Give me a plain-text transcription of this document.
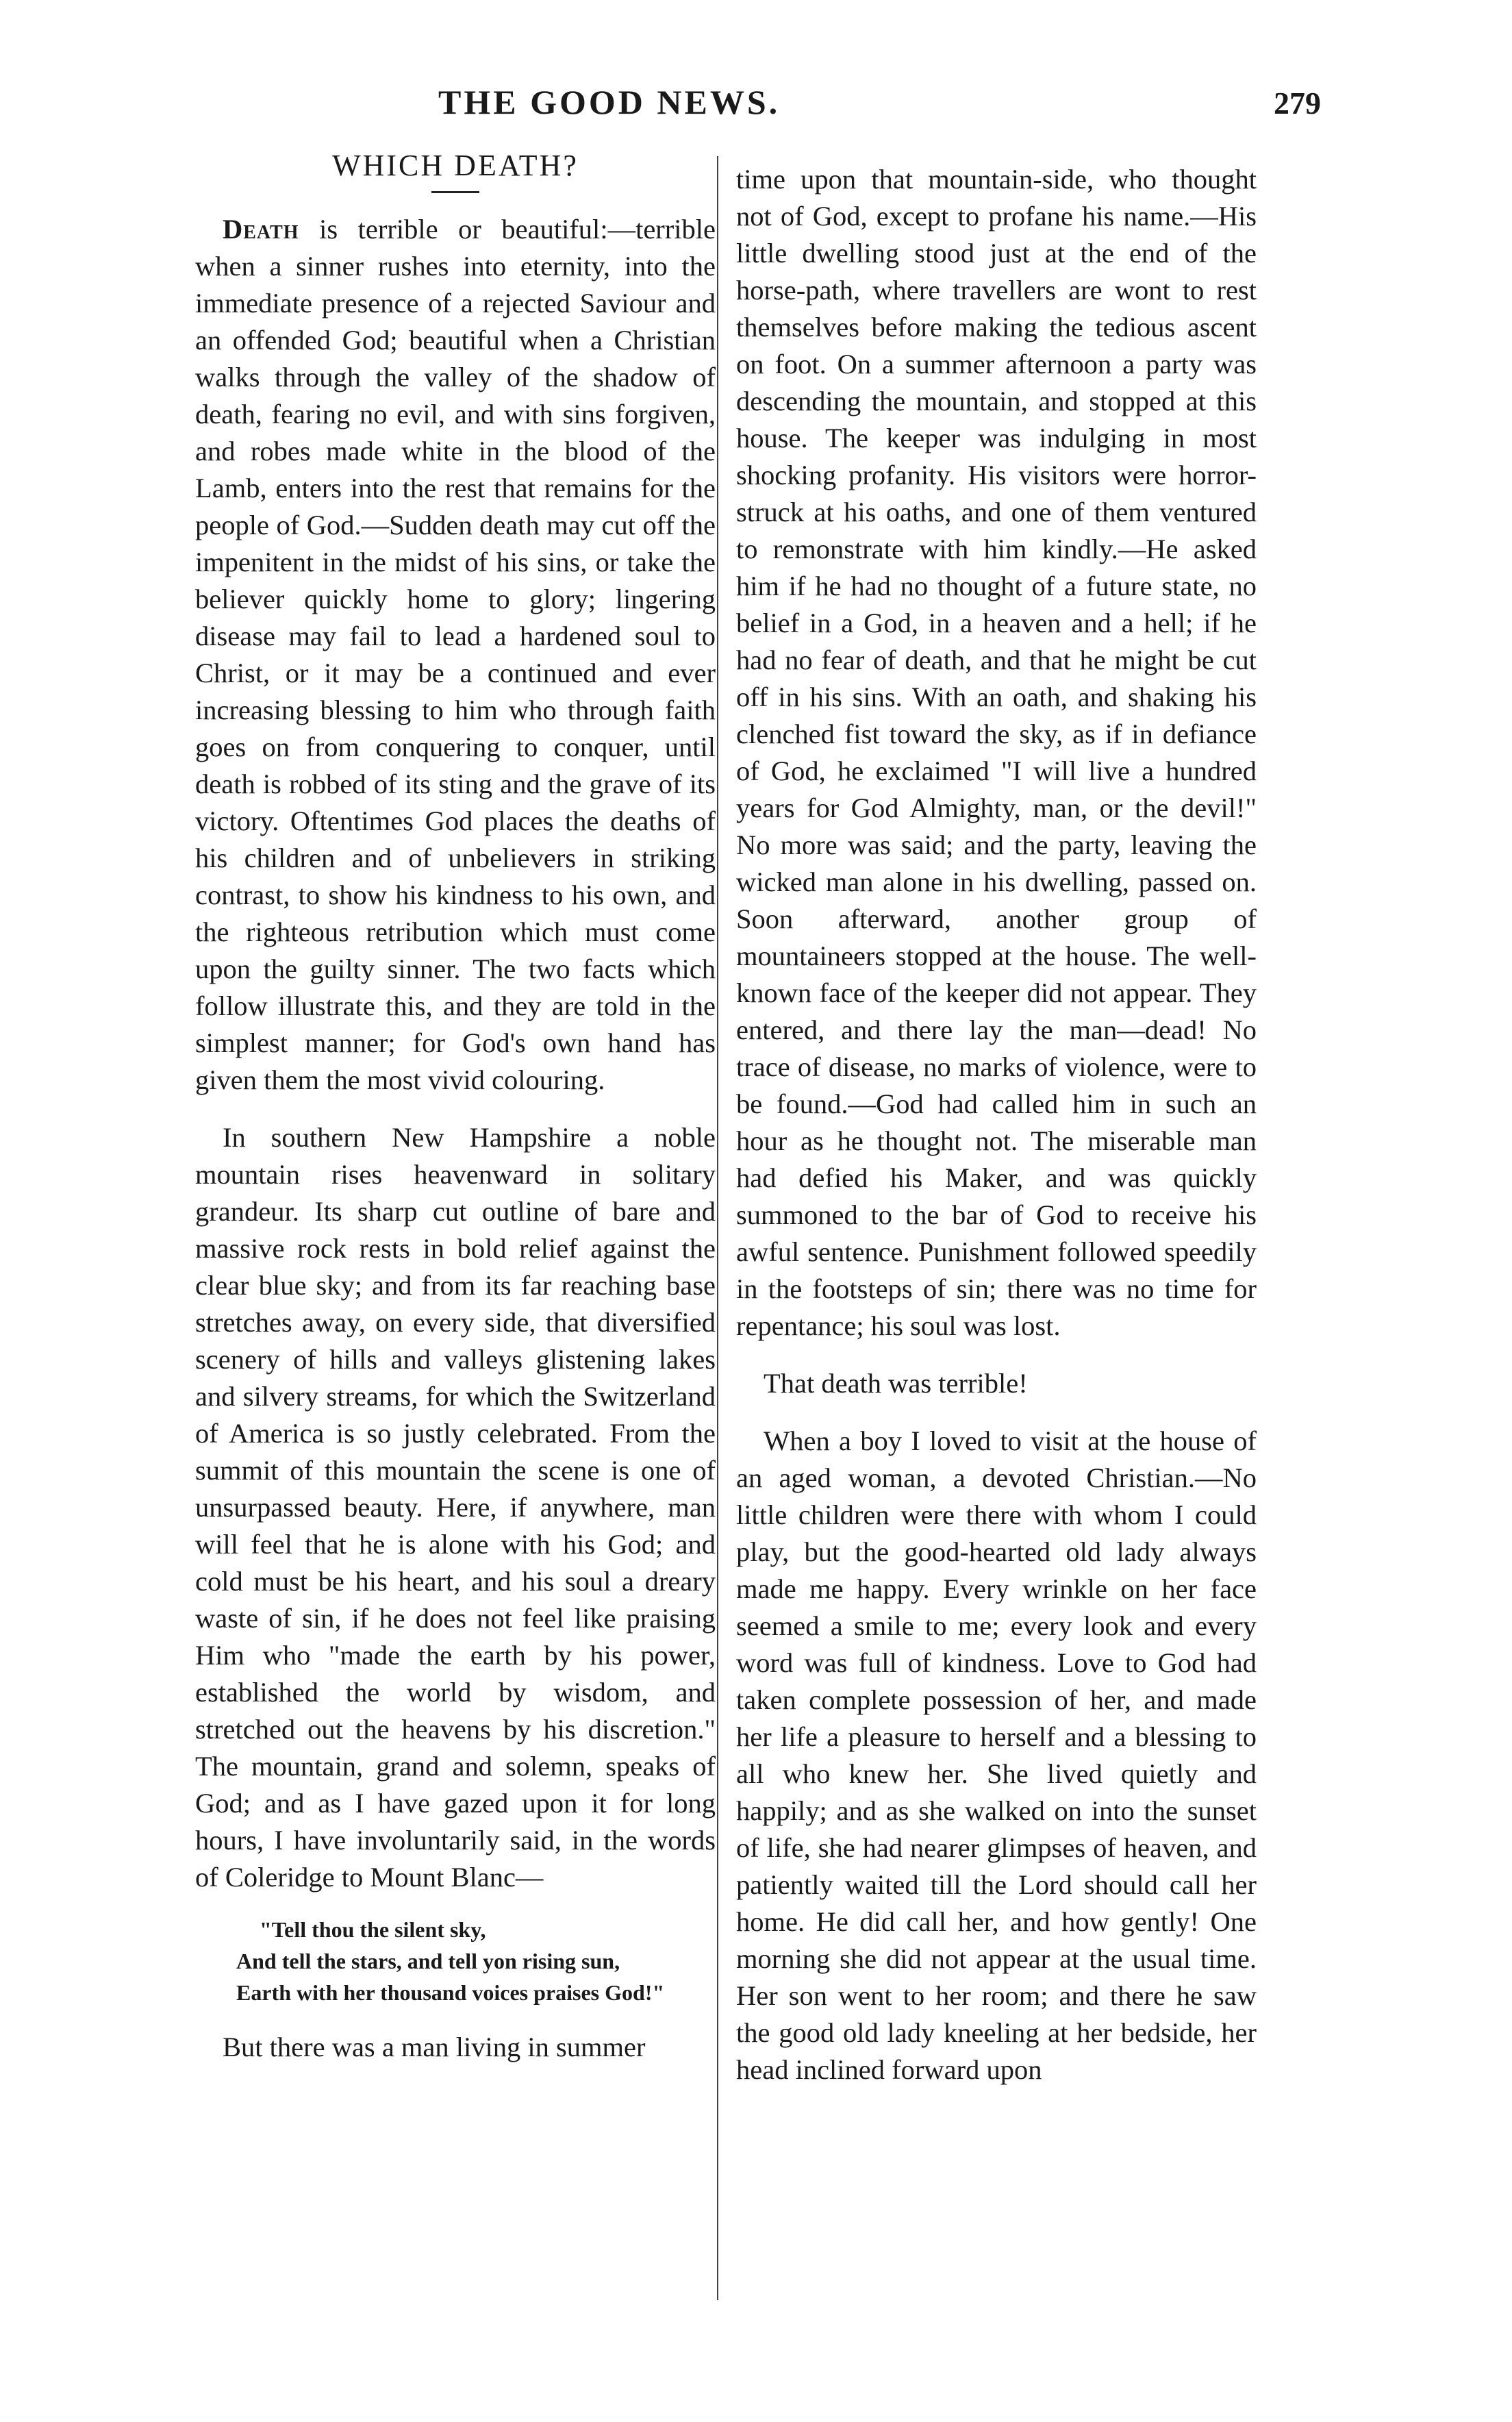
THE GOOD NEWS.	279
WHICH DEATH?

Death is terrible or beautiful:—terrible when a sinner rushes into eternity, into the immediate presence of a rejected Saviour and an offended God; beautiful when a Christian walks through the valley of the shadow of death, fearing no evil, and with sins forgiven, and robes made white in the blood of the Lamb, enters into the rest that remains for the people of God.—Sudden death may cut off the impenitent in the midst of his sins, or take the believer quickly home to glory; lingering disease may fail to lead a hardened soul to Christ, or it may be a continued and ever increasing blessing to him who through faith goes on from conquering to conquer, until death is robbed of its sting and the grave of its victory. Oftentimes God places the deaths of his children and of unbelievers in striking contrast, to show his kindness to his own, and the righteous retribution which must come upon the guilty sinner. The two facts which follow illustrate this, and they are told in the simplest manner; for God's own hand has given them the most vivid colouring.

In southern New Hampshire a noble mountain rises heavenward in solitary grandeur. Its sharp cut outline of bare and massive rock rests in bold relief against the clear blue sky; and from its far reaching base stretches away, on every side, that diversified scenery of hills and valleys glistening lakes and silvery streams, for which the Switzerland of America is so justly celebrated. From the summit of this mountain the scene is one of unsurpassed beauty. Here, if anywhere, man will feel that he is alone with his God; and cold must be his heart, and his soul a dreary waste of sin, if he does not feel like praising Him who "made the earth by his power, established the world by wisdom, and stretched out the heavens by his discretion." The mountain, grand and solemn, speaks of God; and as I have gazed upon it for long hours, I have involuntarily said, in the words of Coleridge to Mount Blanc—

"Tell thou the silent sky,
And tell the stars, and tell yon rising sun,
Earth with her thousand voices praises God!"

But there was a man living in summer

time upon that mountain-side, who thought not of God, except to profane his name.—His little dwelling stood just at the end of the horse-path, where travellers are wont to rest themselves before making the tedious ascent on foot. On a summer afternoon a party was descending the mountain, and stopped at this house. The keeper was indulging in most shocking profanity. His visitors were horror-struck at his oaths, and one of them ventured to remonstrate with him kindly.—He asked him if he had no thought of a future state, no belief in a God, in a heaven and a hell; if he had no fear of death, and that he might be cut off in his sins. With an oath, and shaking his clenched fist toward the sky, as if in defiance of God, he exclaimed "I will live a hundred years for God Almighty, man, or the devil!" No more was said; and the party, leaving the wicked man alone in his dwelling, passed on. Soon afterward, another group of mountaineers stopped at the house. The well-known face of the keeper did not appear. They entered, and there lay the man—dead! No trace of disease, no marks of violence, were to be found.—God had called him in such an hour as he thought not. The miserable man had defied his Maker, and was quickly summoned to the bar of God to receive his awful sentence. Punishment followed speedily in the footsteps of sin; there was no time for repentance; his soul was lost.

That death was terrible!

When a boy I loved to visit at the house of an aged woman, a devoted Christian.—No little children were there with whom I could play, but the good-hearted old lady always made me happy. Every wrinkle on her face seemed a smile to me; every look and every word was full of kindness. Love to God had taken complete possession of her, and made her life a pleasure to herself and a blessing to all who knew her. She lived quietly and happily; and as she walked on into the sunset of life, she had nearer glimpses of heaven, and patiently waited till the Lord should call her home. He did call her, and how gently! One morning she did not appear at the usual time. Her son went to her room; and there he saw the good old lady kneeling at her bedside, her head inclined forward upon
